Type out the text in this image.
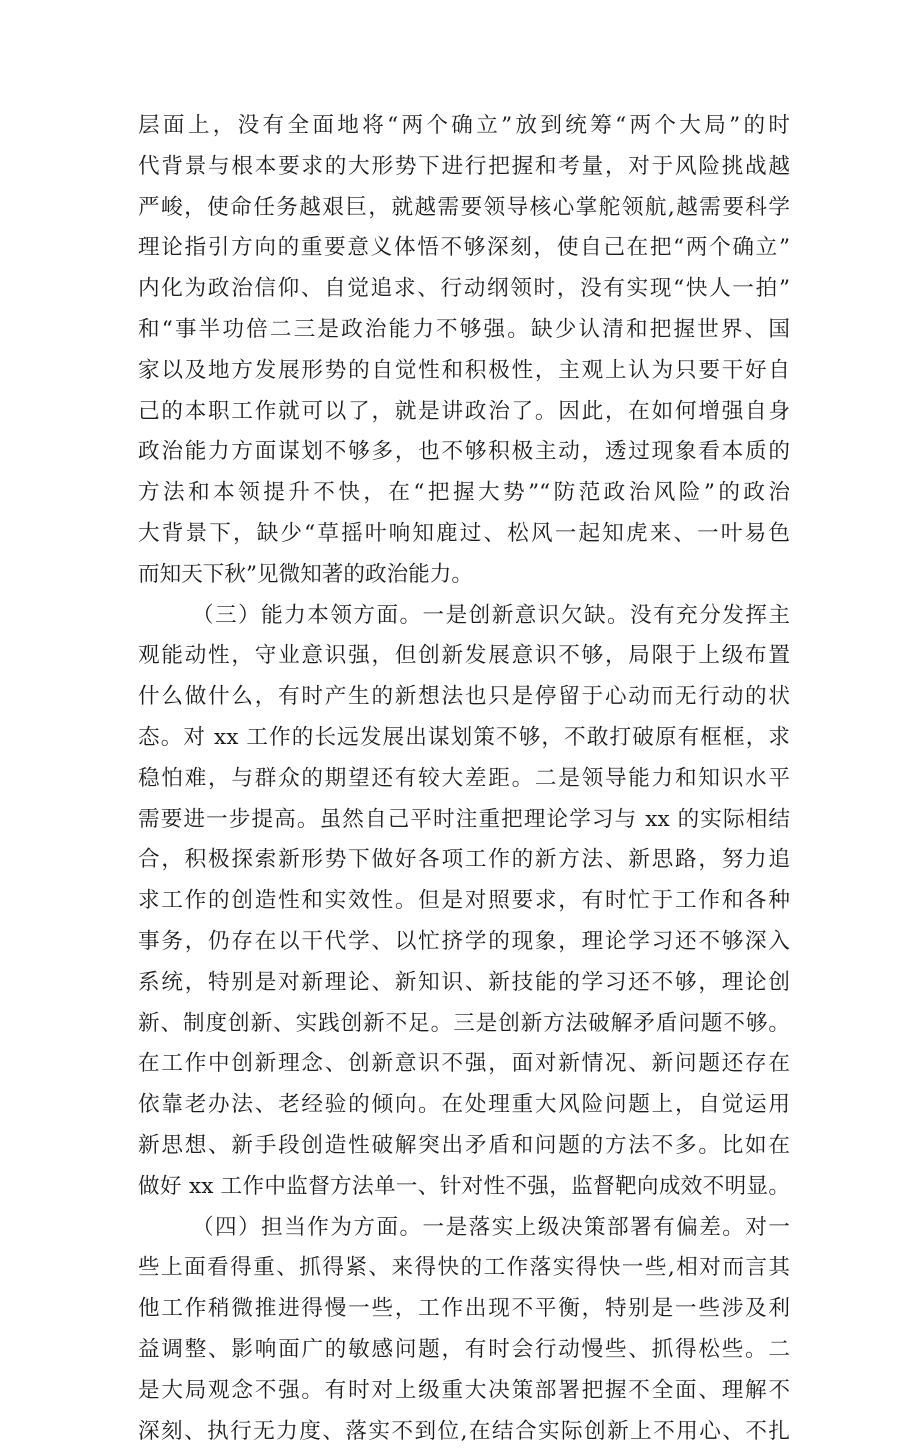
层面上，没有全面地将“两个确立”放到统筹“两个大局”的时
代背景与根本要求的大形势下进行把握和考量，对于风险挑战越
严峻，使命任务越艰巨，就越需要领导核心掌舵领航,越需要科学
理论指引方向的重要意义体悟不够深刻，使自己在把“两个确立”
内化为政治信仰、自觉追求、行动纲领时，没有实现“快人一拍”
和“事半功倍二三是政治能力不够强。缺少认清和把握世界、国
家以及地方发展形势的自觉性和积极性，主观上认为只要干好自
己的本职工作就可以了，就是讲政治了。因此，在如何增强自身
政治能力方面谋划不够多，也不够积极主动，透过现象看本质的
方法和本领提升不快，在“把握大势”“防范政治风险”的政治
大背景下，缺少“草摇叶响知鹿过、松风一起知虎来、一叶易色
而知天下秋”见微知著的政治能力。
（三）能力本领方面。一是创新意识欠缺。没有充分发挥主
观能动性，守业意识强，但创新发展意识不够，局限于上级布置
什么做什么，有时产生的新想法也只是停留于心动而无行动的状
态。对 xx 工作的长远发展出谋划策不够，不敢打破原有框框，求
稳怕难，与群众的期望还有较大差距。二是领导能力和知识水平
需要进一步提高。虽然自己平时注重把理论学习与 xx 的实际相结
合，积极探索新形势下做好各项工作的新方法、新思路，努力追
求工作的创造性和实效性。但是对照要求，有时忙于工作和各种
事务，仍存在以干代学、以忙挤学的现象，理论学习还不够深入
系统，特别是对新理论、新知识、新技能的学习还不够，理论创
新、制度创新、实践创新不足。三是创新方法破解矛盾问题不够。
在工作中创新理念、创新意识不强，面对新情况、新问题还存在
依靠老办法、老经验的倾向。在处理重大风险问题上，自觉运用
新思想、新手段创造性破解突出矛盾和问题的方法不多。比如在
做好 xx 工作中监督方法单一、针对性不强，监督靶向成效不明显。
（四）担当作为方面。一是落实上级决策部署有偏差。对一
些上面看得重、抓得紧、来得快的工作落实得快一些,相对而言其
他工作稍微推进得慢一些，工作出现不平衡，特别是一些涉及利
益调整、影响面广的敏感问题，有时会行动慢些、抓得松些。二
是大局观念不强。有时对上级重大决策部署把握不全面、理解不
深刻、执行无力度、落实不到位,在结合实际创新上不用心、不扎
